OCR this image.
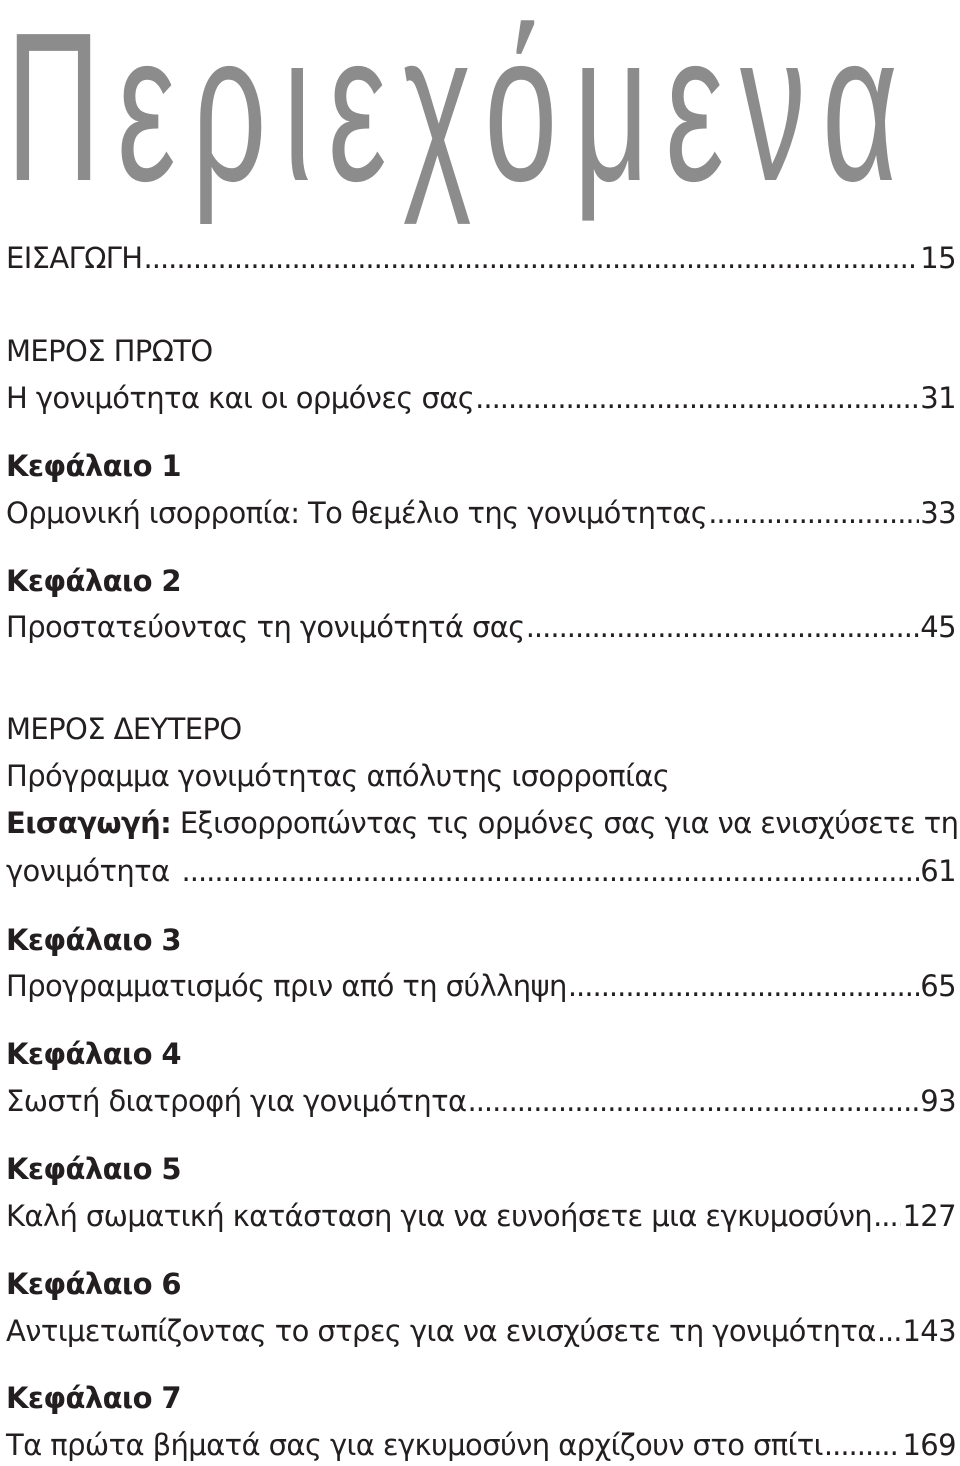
Περιεχόμενα
ΕΙΣΑΓΩΓΗ .....	15
ΜΕΡΟΣ ΠΡΩΤΟ
Η γονιμότητα και οι ορμόνες σας .....	31
Κεφάλαιο 1
Ορμονική ισορροπία: Το θεμέλιο της γονιμότητας .....	33
Κεφάλαιο 2
Προστατεύοντας τη γονιμότητά σας .....	45
ΜΕΡΟΣ ΔΕΥΤΕΡΟ
Πρόγραμμα γονιμότητας απόλυτης ισορροπίας
Εισαγωγή: Εξισορροπώντας τις ορμόνες σας για να ενισχύσετε τη
γονιμότητα .....	61
Κεφάλαιο 3
Προγραμματισμός πριν από τη σύλληψη .....	65
Κεφάλαιο 4
Σωστή διατροφή για γονιμότητα .....	93
Κεφάλαιο 5
Καλή σωματική κατάσταση για να ευνοήσετε μια εγκυμοσύνη ..... 127
Κεφάλαιο 6
Αντιμετωπίζοντας το στρες για να ενισχύσετε τη γονιμότητα ..... 143
Κεφάλαιο 7
Τα πρώτα βήματά σας για εγκυμοσύνη αρχίζουν στο σπίτι .....	169
